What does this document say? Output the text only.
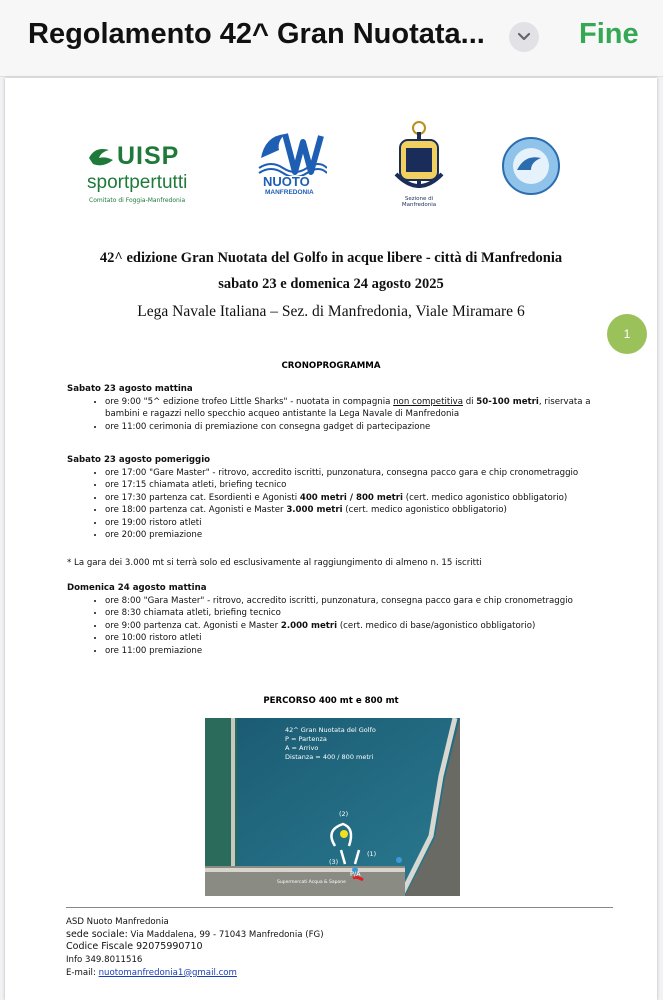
Regolamento 42^ Gran Nuotata...	Fine
UISP
sportpertutti
Comitato di Foggia-Manfredonia
NUOTO
MANFREDONIA
Sezione di Manfredonia
42^ edizione Gran Nuotata del Golfo in acque libere - città di Manfredonia
sabato 23 e domenica 24 agosto 2025
Lega Navale Italiana – Sez. di Manfredonia, Viale Miramare 6
CRONOPROGRAMMA
Sabato 23 agosto mattina
• ore 9:00 "5^ edizione trofeo Little Sharks" - nuotata in compagnia non competitiva di 50-100 metri, riservata a bambini e ragazzi nello specchio acqueo antistante la Lega Navale di Manfredonia
• ore 11:00 cerimonia di premiazione con consegna gadget di partecipazione
Sabato 23 agosto pomeriggio
• ore 17:00 "Gare Master" - ritrovo, accredito iscritti, punzonatura, consegna pacco gara e chip cronometraggio
• ore 17:15 chiamata atleti, briefing tecnico
• ore 17:30 partenza cat. Esordienti e Agonisti 400 metri / 800 metri (cert. medico agonistico obbligatorio)
• ore 18:00 partenza cat. Agonisti e Master 3.000 metri (cert. medico agonistico obbligatorio)
• ore 19:00 ristoro atleti
• ore 20:00 premiazione
* La gara dei 3.000 mt si terrà solo ed esclusivamente al raggiungimento di almeno n. 15 iscritti
Domenica 24 agosto mattina
• ore 8:00 "Gara Master" - ritrovo, accredito iscritti, punzonatura, consegna pacco gara e chip cronometraggio
• ore 8:30 chiamata atleti, briefing tecnico
• ore 9:00 partenza cat. Agonisti e Master 2.000 metri (cert. medico di base/agonistico obbligatorio)
• ore 10:00 ristoro atleti
• ore 11:00 premiazione
PERCORSO 400 mt e 800 mt
42^ Gran Nuotata del Golfo
P = Partenza
A = Arrivo
Distanza = 400 / 800 metri
(2)
(3)
(1)
P/A
Supermercati Acqua & Sapone
ASD Nuoto Manfredonia
sede sociale: Via Maddalena, 99 - 71043 Manfredonia (FG)
Codice Fiscale 92075990710
Info 349.8011516
E-mail: nuotomanfredonia1@gmail.com
1
